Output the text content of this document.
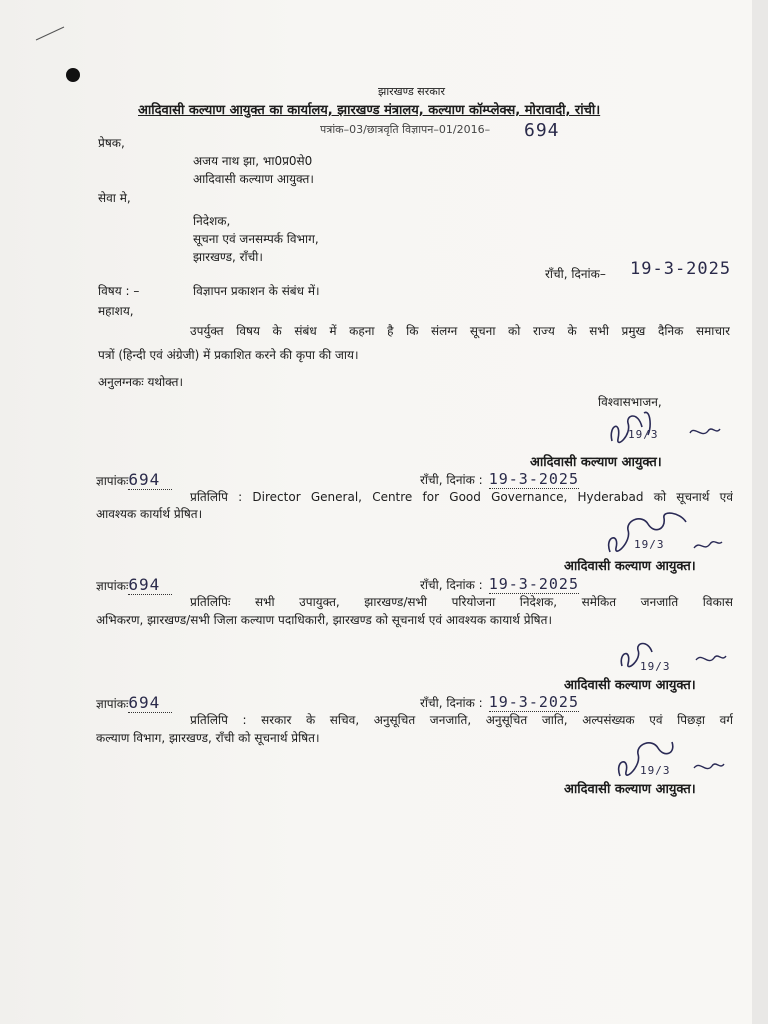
झारखण्ड सरकार
आदिवासी कल्याण आयुक्त का कार्यालय, झारखण्ड मंत्रालय, कल्याण कॉम्प्लेक्स, मोरावादी, रांची।
पत्रांक–03/छात्रवृति विज्ञापन–01/2016– 694
प्रेषक,
अजय नाथ झा, भा0प्र0से0
आदिवासी कल्याण आयुक्त।
सेवा मे,
निदेशक,
सूचना एवं जनसम्पर्क विभाग,
झारखण्ड, राँची।
राँची, दिनांक– 19-3-2025
विषय : –	विज्ञापन प्रकाशन के संबंध में।
महाशय,
उपर्युक्त विषय के संबंध में कहना है कि संलग्न सूचना को राज्य के सभी प्रमुख दैनिक समाचार
पत्रों (हिन्दी एवं अंग्रेजी) में प्रकाशित करने की कृपा की जाय।
अनुलग्नकः यथोक्त।
विश्वासभाजन,
19/3
आदिवासी कल्याण आयुक्त।
ज्ञापांकः694	राँची, दिनांक : 19-3-2025
प्रतिलिपि : Director General, Centre for Good Governance, Hyderabad को सूचनार्थ एवं
आवश्यक कार्यार्थ प्रेषित।
19/3
आदिवासी कल्याण आयुक्त।
ज्ञापांकः694	राँची, दिनांक : 19-3-2025
प्रतिलिपिः सभी उपायुक्त, झारखण्ड/सभी परियोजना निदेशक, समेकित जनजाति विकास
अभिकरण, झारखण्ड/सभी जिला कल्याण पदाधिकारी, झारखण्ड को सूचनार्थ एवं आवश्यक कायार्थ प्रेषित।
19/3
आदिवासी कल्याण आयुक्त।
ज्ञापांकः694	राँची, दिनांक : 19-3-2025
प्रतिलिपि : सरकार के सचिव, अनुसूचित जनजाति, अनुसूचित जाति, अल्पसंख्यक एवं पिछड़ा वर्ग
कल्याण विभाग, झारखण्ड, राँची को सूचनार्थ प्रेषित।
19/3
आदिवासी कल्याण आयुक्त।
